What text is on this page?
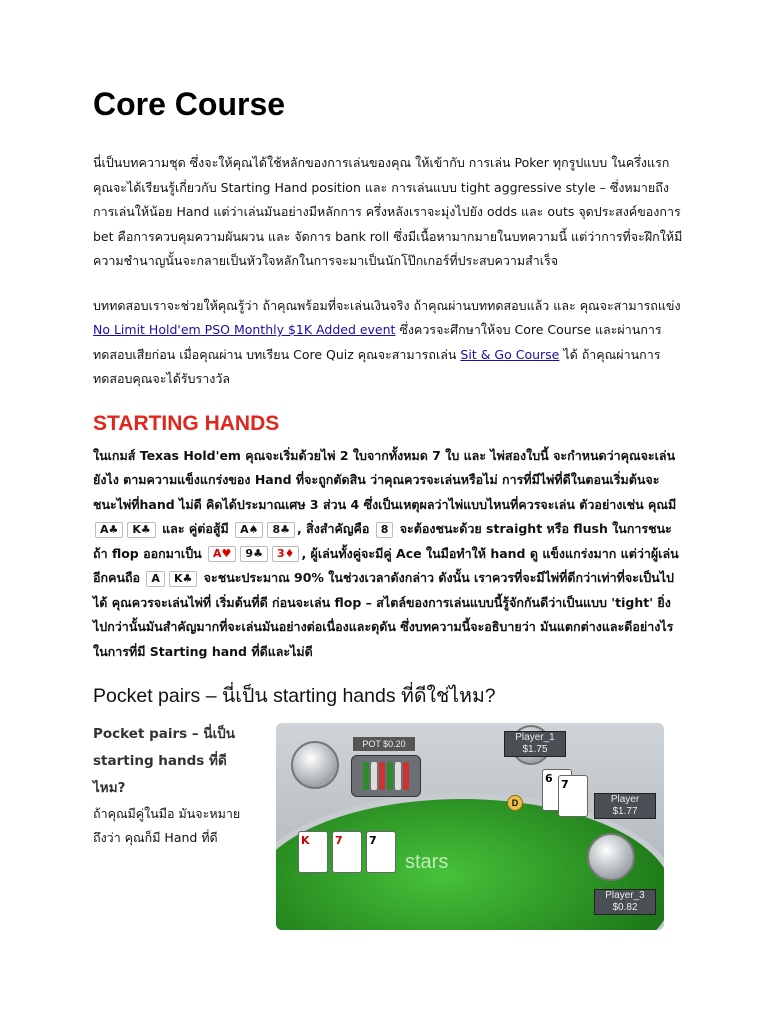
Core Course

นี่เป็นบทความชุด ซึ่งจะให้คุณได้ใช้หลักของการเล่นของคุณ ให้เข้ากับ การเล่น Poker ทุกรูปแบบ ในครึ่งแรกคุณจะได้เรียนรู้เกี่ยวกับ Starting Hand position และ การเล่นแบบ tight aggressive style – ซึ่งหมายถึงการเล่นให้น้อย Hand แต่ว่าเล่นมันอย่างมีหลักการ ครึ่งหลังเราจะมุ่งไปยัง odds และ outs จุดประสงค์ของการ bet คือการควบคุมความผันผวน และ จัดการ bank roll ซึ่งมีเนื้อหามากมายในบทความนี้ แต่ว่าการที่จะฝึกให้มีความชำนาญนั้นจะกลายเป็นหัวใจหลักในการจะมาเป็นนักโป๊กเกอร์ที่ประสบความสำเร็จ

บททดสอบเราจะช่วยให้คุณรู้ว่า ถ้าคุณพร้อมที่จะเล่นเงินจริง ถ้าคุณผ่านบททดสอบแล้ว และ คุณจะสามารถแข่ง No Limit Hold'em PSO Monthly $1K Added event ซึ่งควรจะศึกษาให้จบ Core Course และผ่านการทดสอบเสียก่อน เมื่อคุณผ่าน บทเรียน Core Quiz คุณจะสามารถเล่น Sit & Go Course ได้ ถ้าคุณผ่านการทดสอบคุณจะได้รับรางวัล

STARTING HANDS

ในเกมส์ Texas Hold'em คุณจะเริ่มด้วยไพ่ 2 ใบจากทั้งหมด 7 ใบ และ ไพ่สองใบนี้ จะกำหนดว่าคุณจะเล่นยังไง ตามความแข็งแกร่งของ Hand ที่จะถูกตัดสิน ว่าคุณควรจะเล่นหรือไม่ การที่มีไพ่ที่ดีในตอนเริ่มต้นจะชนะไพ่ที่hand ไม่ดี คิดได้ประมาณเศษ 3 ส่วน 4 ซึ่งเป็นเหตุผลว่าไพ่แบบไหนที่ควรจะเล่น ตัวอย่างเช่น คุณมี A♣ K♣ และ คู่ต่อสู้มี A♠ 8♣ , สิ่งสำคัญคือ 8 จะต้องชนะด้วย straight หรือ flush ในการชนะ ถ้า flop ออกมาเป็น A♥ 9♣ 3♦ , ผู้เล่นทั้งคู่จะมีคู่ Ace ในมือทำให้ hand ดู แข็งแกร่งมาก แต่ว่าผู้เล่นอีกคนถือ A K♣ จะชนะประมาณ 90% ในช่วงเวลาดังกล่าว ดังนั้น เราควรที่จะมีไพ่ที่ดีกว่าเท่าที่จะเป็นไปได้ คุณควรจะเล่นไพ่ที่ เริ่มต้นที่ดี ก่อนจะเล่น flop – สไตล์ของการเล่นแบบนี้รู้จักกันดีว่าเป็นแบบ 'tight' ยิ่งไปกว่านั้นมันสำคัญมากที่จะเล่นมันอย่างต่อเนื่องและดุดัน ซึ่งบทความนี้จะอธิบายว่า มันแตกต่างและดีอย่างไรในการที่มี Starting hand ที่ดีและไม่ดี

Pocket pairs – นี่เป็น starting hands ที่ดีใช่ไหม?
Pocket pairs – นี่เป็น starting hands ที่ดี ไหม?
ถ้าคุณมีคู่ในมือ มันจะหมายถึงว่า คุณก็มี Hand ที่ดี
POT $0.20
Player_1
$1.75
Player
$1.77
Player_3
$0.82
D
K	7	7
6 7
stars
